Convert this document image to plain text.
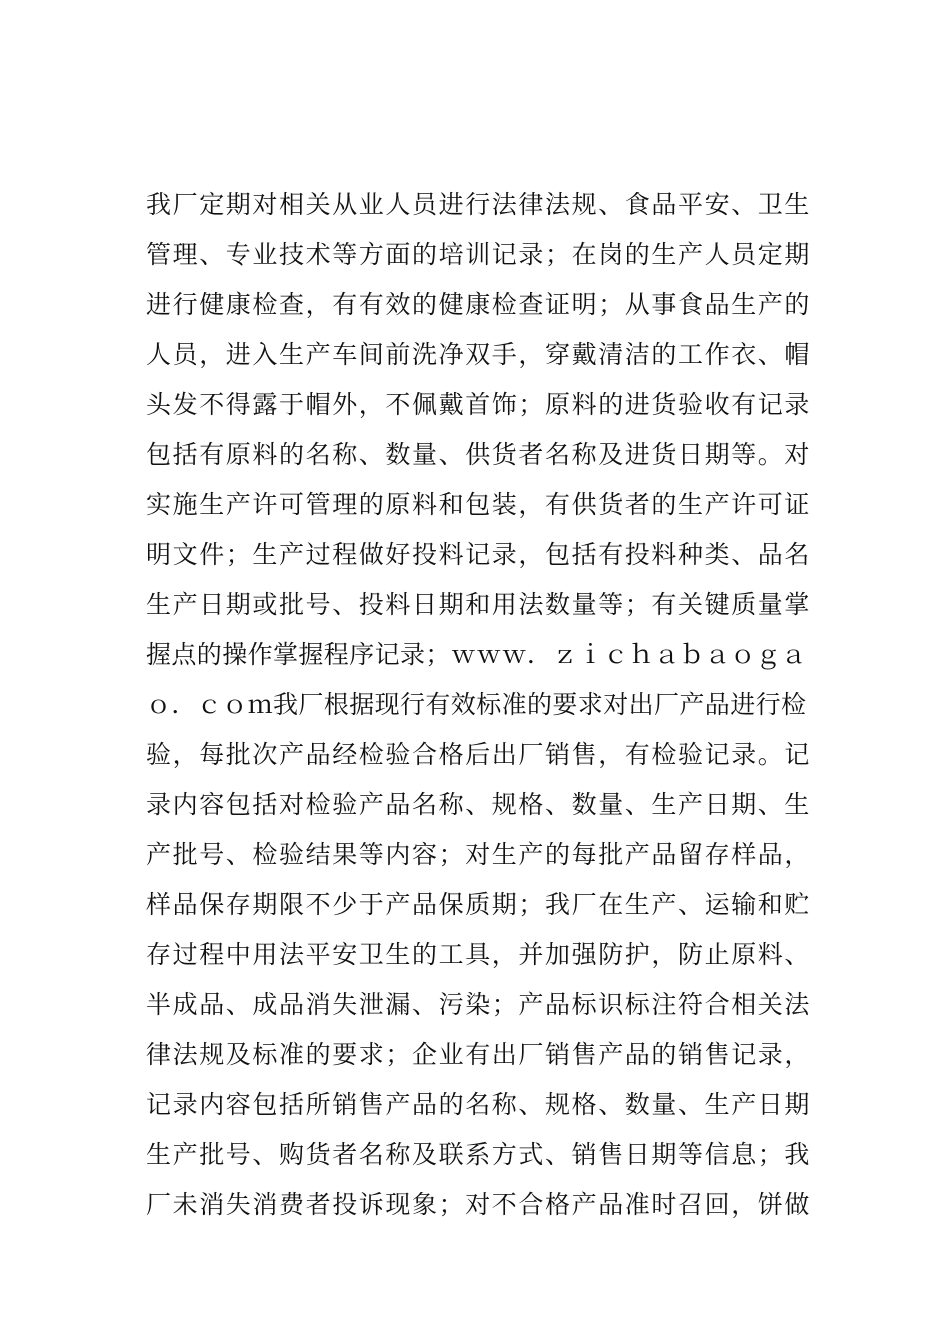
我厂定期对相关从业人员进行法律法规、食品平安、卫生
管理、专业技术等方面的培训记录；在岗的生产人员定期
进行健康检查，有有效的健康检查证明；从事食品生产的
人员，进入生产车间前洗净双手，穿戴清洁的工作衣、帽
头发不得露于帽外，不佩戴首饰；原料的进货验收有记录
包括有原料的名称、数量、供货者名称及进货日期等。对
实施生产许可管理的原料和包装，有供货者的生产许可证
明文件；生产过程做好投料记录，包括有投料种类、品名
生产日期或批号、投料日期和用法数量等；有关键质量掌
握点的操作掌握程序记录；ｗｗｗ．ｚｉｃｈａｂａｏｇａ
ｏ．ｃｏｍ我厂根据现行有效标准的要求对出厂产品进行检
验，每批次产品经检验合格后出厂销售，有检验记录。记
录内容包括对检验产品名称、规格、数量、生产日期、生
产批号、检验结果等内容；对生产的每批产品留存样品，
样品保存期限不少于产品保质期；我厂在生产、运输和贮
存过程中用法平安卫生的工具，并加强防护，防止原料、
半成品、成品消失泄漏、污染；产品标识标注符合相关法
律法规及标准的要求；企业有出厂销售产品的销售记录，
记录内容包括所销售产品的名称、规格、数量、生产日期
生产批号、购货者名称及联系方式、销售日期等信息；我
厂未消失消费者投诉现象；对不合格产品准时召回，饼做
